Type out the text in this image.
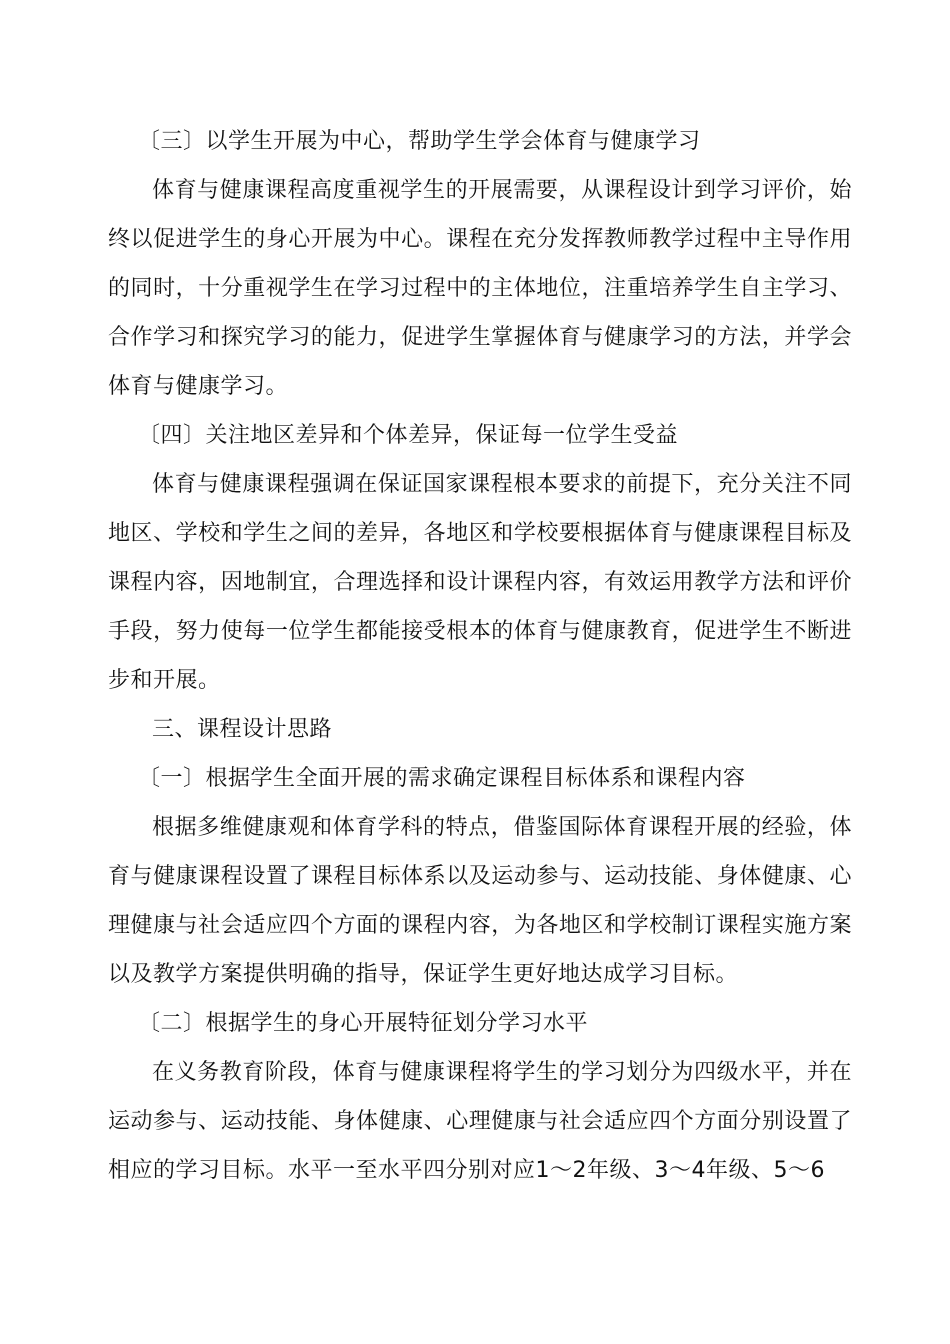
〔三〕以学生开展为中心，帮助学生学会体育与健康学习

体育与健康课程高度重视学生的开展需要，从课程设计到学习评价，始终以促进学生的身心开展为中心。课程在充分发挥教师教学过程中主导作用的同时，十分重视学生在学习过程中的主体地位，注重培养学生自主学习、合作学习和探究学习的能力，促进学生掌握体育与健康学习的方法，并学会体育与健康学习。

〔四〕关注地区差异和个体差异，保证每一位学生受益

体育与健康课程强调在保证国家课程根本要求的前提下，充分关注不同地区、学校和学生之间的差异，各地区和学校要根据体育与健康课程目标及课程内容，因地制宜，合理选择和设计课程内容，有效运用教学方法和评价手段，努力使每一位学生都能接受根本的体育与健康教育，促进学生不断进步和开展。

三、课程设计思路

〔一〕根据学生全面开展的需求确定课程目标体系和课程内容

根据多维健康观和体育学科的特点，借鉴国际体育课程开展的经验，体育与健康课程设置了课程目标体系以及运动参与、运动技能、身体健康、心理健康与社会适应四个方面的课程内容，为各地区和学校制订课程实施方案以及教学方案提供明确的指导，保证学生更好地达成学习目标。

〔二〕根据学生的身心开展特征划分学习水平

在义务教育阶段，体育与健康课程将学生的学习划分为四级水平，并在运动参与、运动技能、身体健康、心理健康与社会适应四个方面分别设置了相应的学习目标。水平一至水平四分别对应1～2年级、3～4年级、5～6
